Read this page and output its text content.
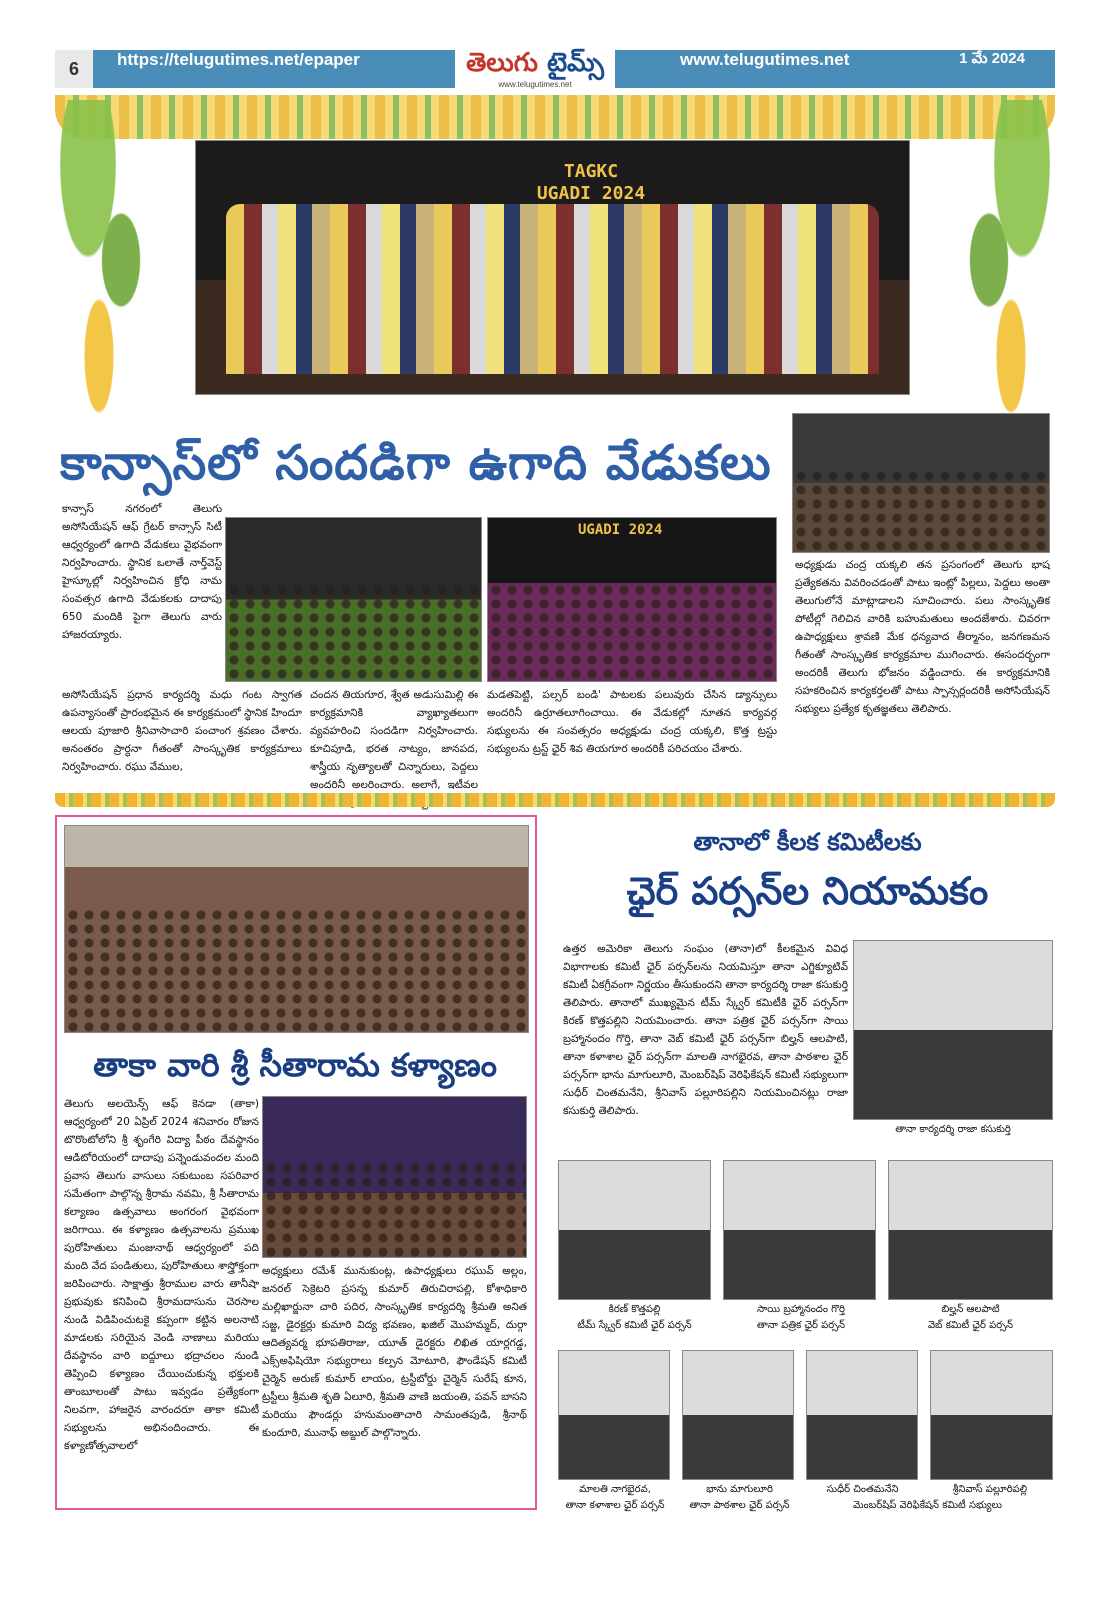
6	https://telugutimes.net/epaper	www.telugutimes.net	1 మే 2024
తెలుగు టైమ్స్
www.telugutimes.net
TAGKC
UGADI 2024
కాన్సాస్‌లో సందడిగా ఉగాది వేడుకలు
UGADI 2024
కాన్సాస్ నగరంలో తెలుగు అసోసియేషన్ ఆఫ్ గ్రేటర్ కాన్సాస్ సిటీ ఆధ్వర్యంలో ఉగాది వేడుకలు వైభవంగా నిర్వహించారు. స్థానిక ఒలాతే నార్త్‌వెస్ట్ హైస్కూల్లో నిర్వహించిన క్రోధి నామ సంవత్సర ఉగాది వేడుకలకు దాదాపు 650 మందికి పైగా తెలుగు వారు హాజరయ్యారు.
అసోసియేషన్ ప్రధాన కార్యదర్శి మధు గంట స్వాగత ఉపన్యాసంతో ప్రారంభమైన ఈ కార్యక్రమంలో స్థానిక హిందూ ఆలయ పూజారి శ్రీనివాసాచారి పంచాంగ శ్రవణం చేశారు. అనంతరం ప్రార్ధనా గీతంతో సాంస్కృతిక కార్యక్రమాలు నిర్వహించారు. రఘు వేముల,
చందన తియగూర, శ్వేత అడుసుమిల్లి ఈ కార్యక్రమానికి వ్యాఖ్యాతలుగా వ్యవహరించి సందడిగా నిర్వహించారు. కూచిపూడి, భరత నాట్యం, జానపద, శాస్త్రీయ నృత్యాలతో చిన్నారులు, పెద్దలు అందరినీ అలరించారు. అలాగే, ఇటీవల
మడతపెట్టి, పల్సర్ బండి' పాటలకు పలువురు చేసిన డ్యాన్సులు అందరినీ ఉర్రూతలూగించాయి. ఈ వేడుకల్లో నూతన కార్యవర్గ సభ్యులను ఈ సంవత్సరం అధ్యక్షుడు చంద్ర యక్కలి, కొత్త ట్రస్టు సభ్యులను ట్రస్ట్ ఛైర్ శివ తియగూర అందరికీ పరిచయం చేశారు.
అధ్యక్షుడు చంద్ర యక్కలి తన ప్రసంగంలో తెలుగు భాష ప్రత్యేకతను వివరించడంతో పాటు ఇంట్లో పిల్లలు, పెద్దలు అంతా తెలుగులోనే మాట్లాడాలని సూచించారు. పలు సాంస్కృతిక పోటీల్లో గెలిచిన వారికి బహుమతులు అందజేశారు. చివరగా ఉపాధ్యక్షులు శ్రావణి మేక ధన్యవాద తీర్మానం, జనగణమన గీతంతో సాంస్కృతిక కార్యక్రమాల ముగించారు. ఈసందర్భంగా అందరికీ తెలుగు భోజనం వడ్డించారు. ఈ కార్యక్రమానికి సహకరించిన కార్యకర్తలతో పాటు స్పాన్సర్లందరికీ అసోసియేషన్ సభ్యులు ప్రత్యేక కృతజ్ఞతలు తెలిపారు.
తాకా వారి శ్రీ సీతారామ కళ్యాణం
తెలుగు అలయెన్స్ ఆఫ్ కెనడా (తాకా) ఆధ్వర్యంలో 20 ఏప్రిల్ 2024 శనివారం రోజున టొరొంటోలోని శ్రీ శృంగేరి విద్యా పీఠం దేవస్థానం ఆడిటోరియంలో దాదాపు పన్నెండువందల మంది ప్రవాస తెలుగు వాసులు సకుటుంబ సపరివార సమేతంగా పాల్గొన్న శ్రీరామ నవమి, శ్రీ సీతారామ కల్యాణం ఉత్సవాలు అంగరంగ వైభవంగా జరిగాయి. ఈ కళ్యాణం ఉత్సవాలను ప్రముఖ పురోహితులు మంజునాథ్ ఆధ్వర్యంలో పది మంది వేద పండితులు, పురోహితులు శాస్త్రోక్తంగా జరిపించారు. సాక్షాత్తు శ్రీరాముల వారు తానీషా ప్రభువుకు కనిపించి శ్రీరామదాసును చెరసాల నుండి విడిపించుటకై కప్పంగా కట్టిన అలనాటి మాడలకు సరియైన వెండి నాణాలు మరియు దేవస్థానం వారి ఐద్దూలు భద్రాచలం నుండి తెప్పించి కళ్యాణం చేయించుకున్న భక్తులకి తాంబూలంతో పాటు ఇవ్వడం ప్రత్యేకంగా నిలవగా, హాజరైన వారందరూ తాకా కమిటీ సభ్యులను అభినందించారు. ఈ కళ్యాణోత్సవాలలో
అధ్యక్షులు రమేశ్ మునుకుంట్ల, ఉపాధ్యక్షులు రఘువ్ అల్లం, జనరల్ సెక్రెటరి ప్రసన్న కుమార్ తిరుచిరాపల్లి, కోశాధికారి మల్లిఖార్జునా చారి పదిర, సాంస్కృతిక కార్యదర్శి శ్రీమతి అనిత సజ్జ, డైరక్టర్లు కుమారి విద్య భవణం, ఖజిల్ మొహమ్మద్, దుర్గా ఆదిత్యవర్మ భూపతిరాజు, యూత్ డైరక్టరు లిఖిత యార్లగడ్డ, ఎక్స్‌అఫిషియో సభ్యురాలు కల్పన మోటూరి, ఫౌండేషన్ కమిటీ చైర్మెన్ అరుణ్ కుమార్ లాయం, ట్రస్టీబోర్డు చైర్మెన్ సురేష్ కూన, ట్రస్టీలు శ్రీమతి శృతి ఏలూరి, శ్రీమతి వాణి జయంతి, పవన్ బాసని మరియు ఫౌండర్లు హనుమంతాచారి సామంతపుడి, శ్రీనాథ్ కుందూరి, మునాఫ్ అబ్దుల్ పాల్గొన్నారు.
తానాలో కీలక కమిటీలకు
ఛైర్ పర్సన్‌ల నియామకం
ఉత్తర అమెరికా తెలుగు సంఘం (తానా)లో కీలకమైన వివిధ విభాగాలకు కమిటీ ఛైర్ పర్సన్‌లను నియమిస్తూ తానా ఎగ్జిక్యూటివ్ కమిటీ ఏకగ్రీవంగా నిర్ణయం తీసుకుందని తానా కార్యదర్శి రాజా కసుకుర్తి తెలిపారు. తానాలో ముఖ్యమైన టీమ్ స్క్వేర్ కమిటీకి ఛైర్ పర్సన్‌గా కిరణ్ కొత్తపల్లిని నియమించారు. తానా పత్రిక ఛైర్ పర్సన్‌గా సాయి బ్రహ్మానందం గొర్తి, తానా వెబ్ కమిటీ ఛైర్ పర్సన్‌గా బిల్హన్ ఆలపాటి, తానా కళాశాల ఛైర్ పర్సన్‌గా మాలతి నాగభైరవ, తానా పాఠశాల ఛైర్ పర్సన్‌గా భాను మాగులూరి, మెంబర్‌షిప్ వెరిఫికేషన్ కమిటీ సభ్యులుగా సుధీర్ చింతమనేని, శ్రీనివాస్ పల్లూరిపల్లిని నియమించినట్లు రాజా కసుకుర్తి తెలిపారు.
తానా కార్యదర్శి రాజా కసుకుర్తి
కిరణ్ కొత్తపల్లి
టీమ్ స్క్వేర్ కమిటీ ఛైర్ పర్సన్
సాయి బ్రహ్మానందం గొర్తి
తానా పత్రిక ఛైర్ పర్సన్
బిల్హన్ ఆలపాటి
వెబ్ కమిటీ ఛైర్ పర్సన్
మాలతి నాగభైరవ,
తానా కళాశాల ఛైర్ పర్సన్
భాను మాగులూరి
తానా పాఠశాల ఛైర్ పర్సన్
సుధీర్ చింతమనేని	శ్రీనివాస్ పల్లూరిపల్లి
మెంబర్‌షిప్ వెరిఫికేషన్ కమిటీ సభ్యులు
